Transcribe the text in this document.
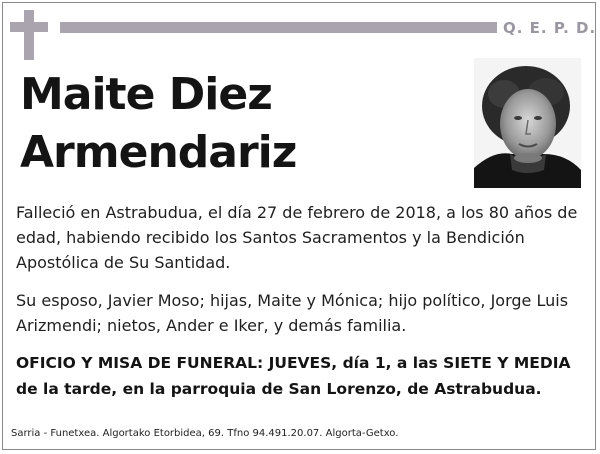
Q. E. P. D.
Maite Diez
Armendariz
Falleció en Astrabudua, el día 27 de febrero de 2018, a los 80 años de edad, habiendo recibido los Santos Sacramentos y la Bendición Apostólica de Su Santidad.
Su esposo, Javier Moso; hijas, Maite y Mónica; hijo político, Jorge Luis Arizmendi; nietos, Ander e Iker, y demás familia.
OFICIO Y MISA DE FUNERAL: JUEVES, día 1, a las SIETE Y MEDIA de la tarde, en la parroquia de San Lorenzo, de Astrabudua.
Sarria - Funetxea. Algortako Etorbidea, 69. Tfno 94.491.20.07. Algorta-Getxo.
